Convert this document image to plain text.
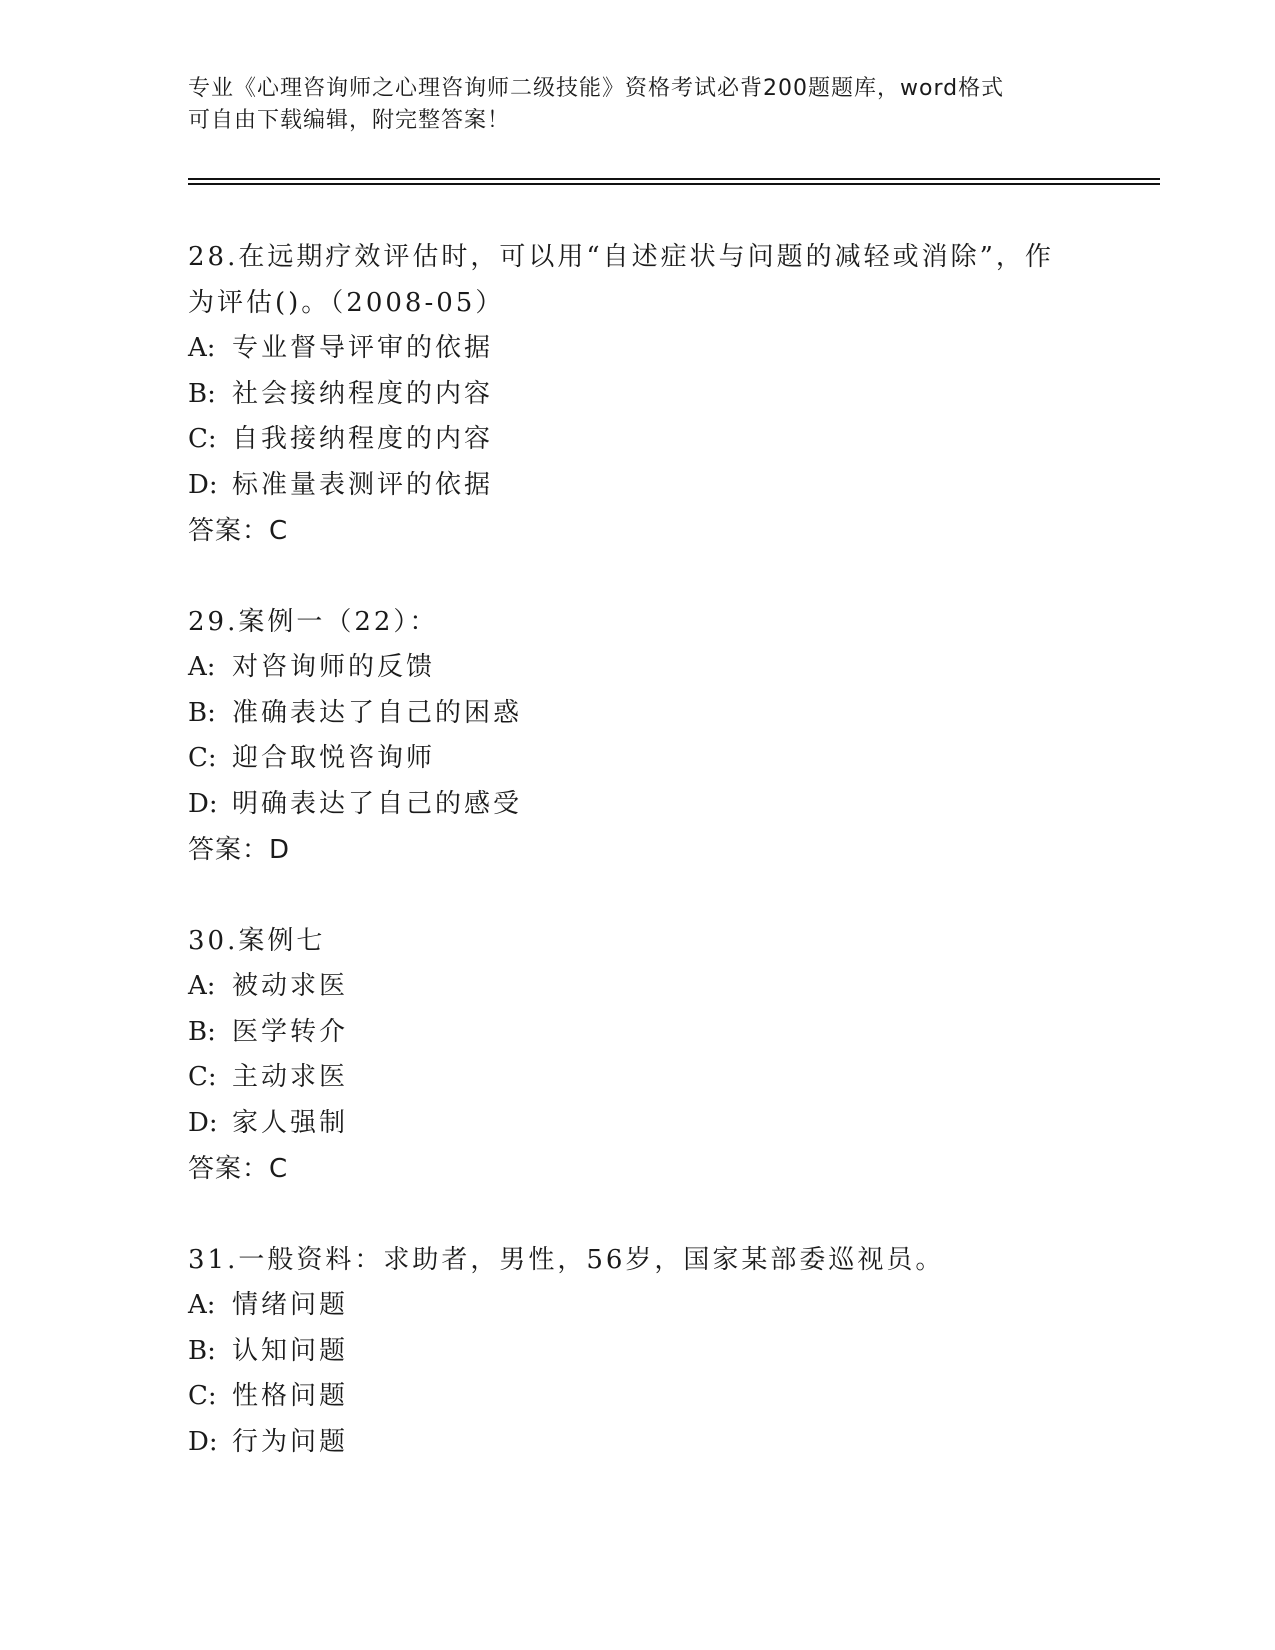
专业《心理咨询师之心理咨询师二级技能》资格考试必背200题题库，word格式
可自由下载编辑，附完整答案！
28.在远期疗效评估时，可以用“自述症状与问题的减轻或消除”，作
为评估()。（2008-05）
A: 专业督导评审的依据
B: 社会接纳程度的内容
C: 自我接纳程度的内容
D: 标准量表测评的依据
答案：C
29.案例一（22）：
A: 对咨询师的反馈
B: 准确表达了自己的困惑
C: 迎合取悦咨询师
D: 明确表达了自己的感受
答案：D
30.案例七
A: 被动求医
B: 医学转介
C: 主动求医
D: 家人强制
答案：C
31.一般资料：求助者，男性，56岁，国家某部委巡视员。
A: 情绪问题
B: 认知问题
C: 性格问题
D: 行为问题
